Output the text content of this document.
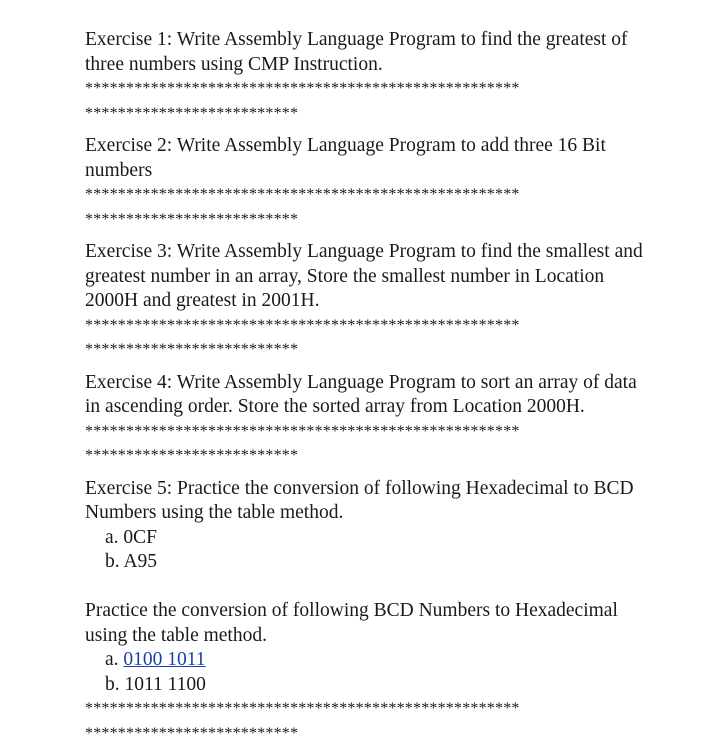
Exercise 1: Write Assembly Language Program to find the greatest of three numbers using CMP Instruction.

*****************************************************
**************************

Exercise 2: Write Assembly Language Program to add three 16 Bit numbers

*****************************************************
**************************

Exercise 3: Write Assembly Language Program to find the smallest and greatest number in an array, Store the smallest number in Location 2000H and greatest in 2001H.

*****************************************************
**************************

Exercise 4: Write Assembly Language Program to sort an array of data in ascending order. Store the sorted array from Location 2000H.

*****************************************************
**************************

Exercise 5: Practice the conversion of following Hexadecimal to BCD Numbers using the table method.

a. 0CF
b. A95

Practice the conversion of following BCD Numbers to Hexadecimal using the table method.

a. 0100 1011
b. 1011 1100
*****************************************************
**************************
